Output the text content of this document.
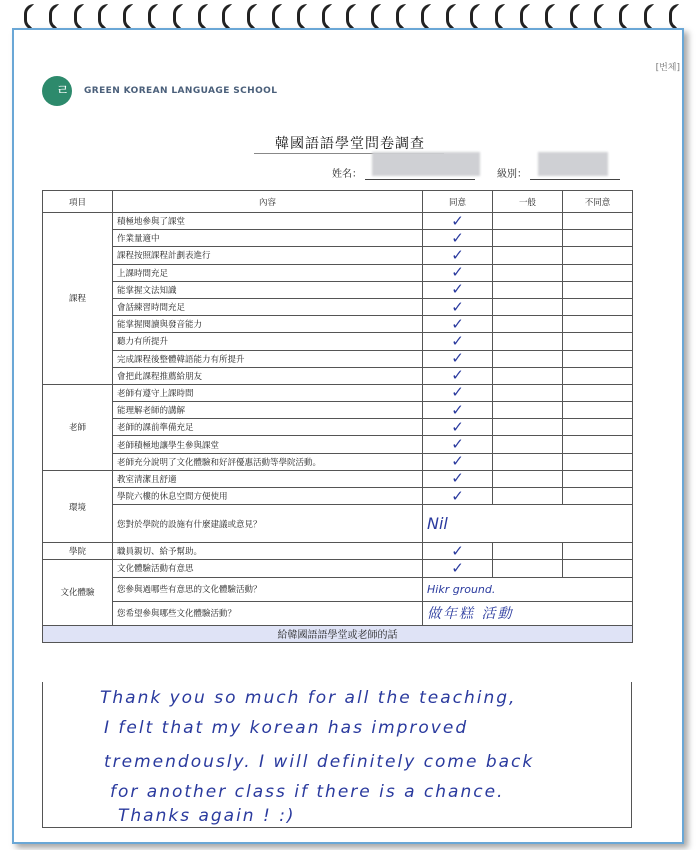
[번체]
ㄹ
GREEN KOREAN LANGUAGE SCHOOL
韓國語語學堂問卷調查
姓名：	級別：
項目	內容	同意	一般	不同意
課程	積極地參與了課堂	✓		
	作業量適中	✓		
	課程按照課程計劃表進行	✓		
	上課時間充足	✓		
	能掌握文法知識	✓		
	會話練習時間充足	✓		
	能掌握閱讀與發音能力	✓		
	聽力有所提升	✓		
	完成課程後整體韓語能力有所提升	✓		
	會把此課程推薦給朋友	✓		
老師	老師有遵守上課時間	✓		
	能理解老師的講解	✓		
	老師的課前準備充足	✓		
	老師積極地讓學生參與課堂	✓		
	老師充分說明了文化體驗和好評優惠活動等學院活動。	✓		
環境	教室清潔且舒適	✓		
	學院六樓的休息空間方便使用	✓		
	您對於學院的設施有什麼建議或意見？	Nil		
學院	職員親切、給予幫助。	✓		
文化體驗	文化體驗活動有意思	✓		
	您參與過哪些有意思的文化體驗活動？	Hikr ground.		
	您希望參與哪些文化體驗活動？	做年糕 活動		
給韓國語語學堂或老師的話				
Thank you so much for all the teaching,
I felt that my korean has improved
tremendously. I will definitely come back
for another class if there is a chance.
Thanks again ! :)
